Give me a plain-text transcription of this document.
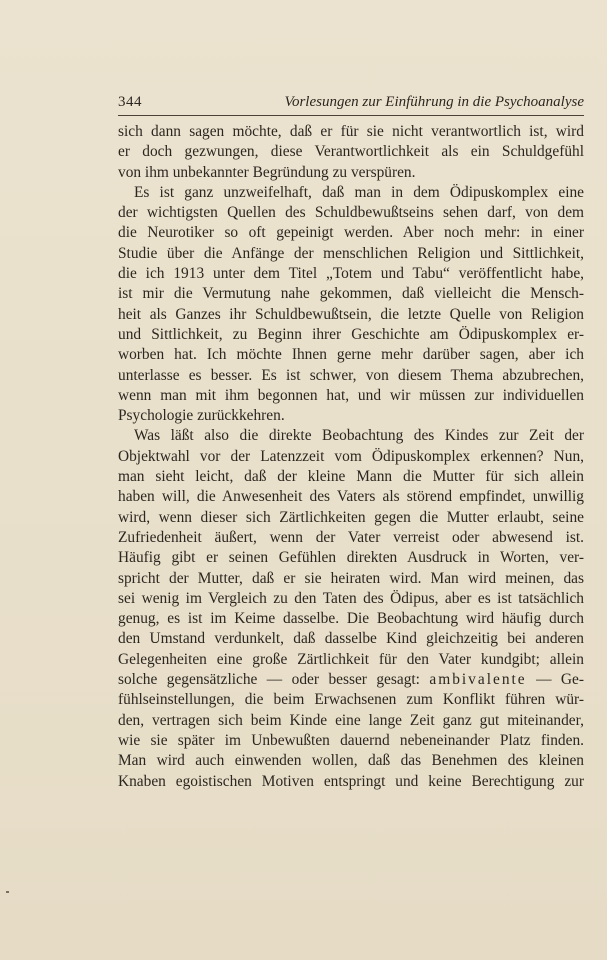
344	Vorlesungen zur Einführung in die Psychoanalyse
sich dann sagen möchte, daß er für sie nicht verantwortlich ist, wird
er doch gezwungen, diese Verantwortlichkeit als ein Schuldgefühl
von ihm unbekannter Begründung zu verspüren.
Es ist ganz unzweifelhaft, daß man in dem Ödipuskomplex eine
der wichtigsten Quellen des Schuldbewußtseins sehen darf, von dem
die Neurotiker so oft gepeinigt werden. Aber noch mehr: in einer
Studie über die Anfänge der menschlichen Religion und Sittlichkeit,
die ich 1913 unter dem Titel „Totem und Tabu“ veröffentlicht habe,
ist mir die Vermutung nahe gekommen, daß vielleicht die Mensch-
heit als Ganzes ihr Schuldbewußtsein, die letzte Quelle von Religion
und Sittlichkeit, zu Beginn ihrer Geschichte am Ödipuskomplex er-
worben hat. Ich möchte Ihnen gerne mehr darüber sagen, aber ich
unterlasse es besser. Es ist schwer, von diesem Thema abzubrechen,
wenn man mit ihm begonnen hat, und wir müssen zur individuellen
Psychologie zurückkehren.
Was läßt also die direkte Beobachtung des Kindes zur Zeit der
Objektwahl vor der Latenzzeit vom Ödipuskomplex erkennen? Nun,
man sieht leicht, daß der kleine Mann die Mutter für sich allein
haben will, die Anwesenheit des Vaters als störend empfindet, unwillig
wird, wenn dieser sich Zärtlichkeiten gegen die Mutter erlaubt, seine
Zufriedenheit äußert, wenn der Vater verreist oder abwesend ist.
Häufig gibt er seinen Gefühlen direkten Ausdruck in Worten, ver-
spricht der Mutter, daß er sie heiraten wird. Man wird meinen, das
sei wenig im Vergleich zu den Taten des Ödipus, aber es ist tatsächlich
genug, es ist im Keime dasselbe. Die Beobachtung wird häufig durch
den Umstand verdunkelt, daß dasselbe Kind gleichzeitig bei anderen
Gelegenheiten eine große Zärtlichkeit für den Vater kundgibt; allein
solche gegensätzliche — oder besser gesagt: ambivalente — Ge-
fühlseinstellungen, die beim Erwachsenen zum Konflikt führen wür-
den, vertragen sich beim Kinde eine lange Zeit ganz gut miteinander,
wie sie später im Unbewußten dauernd nebeneinander Platz finden.
Man wird auch einwenden wollen, daß das Benehmen des kleinen
Knaben egoistischen Motiven entspringt und keine Berechtigung zur
